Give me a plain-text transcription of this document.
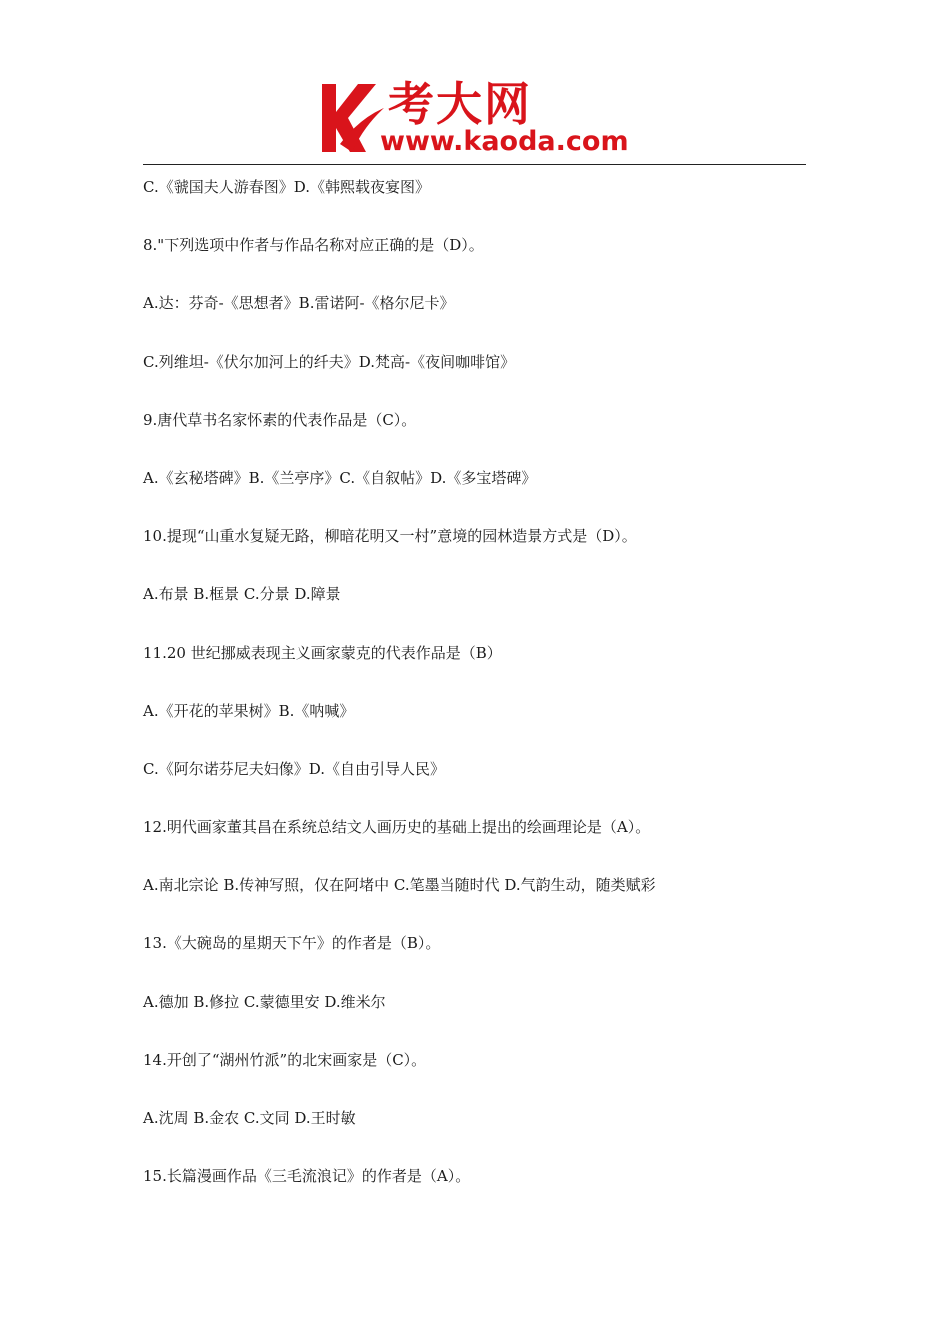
考大网
www.kaoda.com
C.《虢国夫人游春图》D.《韩熙载夜宴图》
8."下列选项中作者与作品名称对应正确的是（D）。
A.达：芬奇-《思想者》B.雷诺阿-《格尔尼卡》
C.列维坦-《伏尔加河上的纤夫》D.梵高-《夜间咖啡馆》
9.唐代草书名家怀素的代表作品是（C）。
A.《玄秘塔碑》B.《兰亭序》C.《自叙帖》D.《多宝塔碑》
10.提现“山重水复疑无路，柳暗花明又一村”意境的园林造景方式是（D）。
A.布景 B.框景 C.分景 D.障景
11.20 世纪挪威表现主义画家蒙克的代表作品是（B）
A.《开花的苹果树》B.《呐喊》
C.《阿尔诺芬尼夫妇像》D.《自由引导人民》
12.明代画家董其昌在系统总结文人画历史的基础上提出的绘画理论是（A）。
A.南北宗论 B.传神写照，仅在阿堵中 C.笔墨当随时代 D.气韵生动，随类赋彩
13.《大碗岛的星期天下午》的作者是（B）。
A.德加 B.修拉 C.蒙德里安 D.维米尔
14.开创了“湖州竹派”的北宋画家是（C）。
A.沈周 B.金农 C.文同 D.王时敏
15.长篇漫画作品《三毛流浪记》的作者是（A）。
